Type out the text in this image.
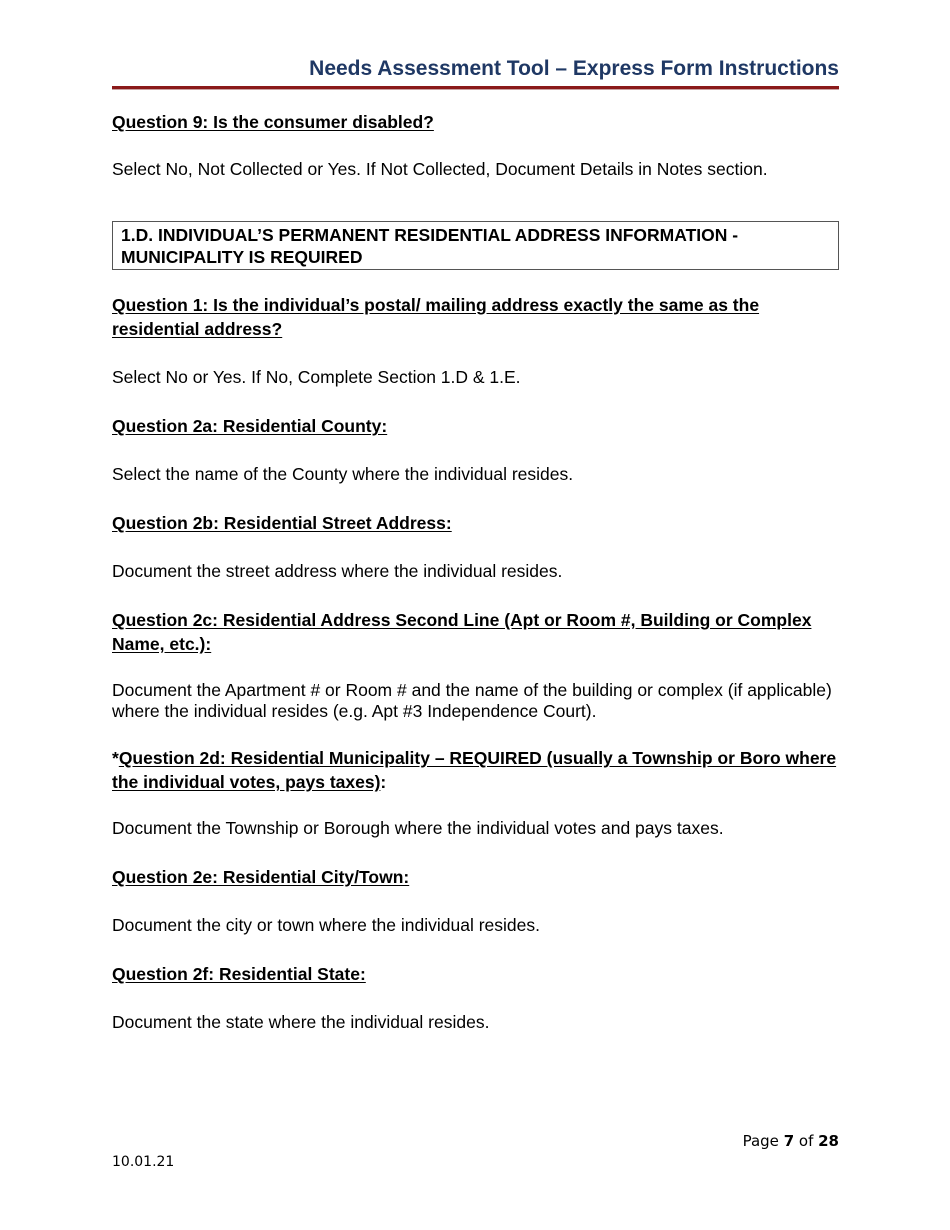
Needs Assessment Tool – Express Form Instructions

Question 9: Is the consumer disabled?

Select No, Not Collected or Yes. If Not Collected, Document Details in Notes section.

1.D. INDIVIDUAL’S PERMANENT RESIDENTIAL ADDRESS INFORMATION -
MUNICIPALITY IS REQUIRED

Question 1: Is the individual’s postal/ mailing address exactly the same as the residential address?

Select No or Yes. If No, Complete Section 1.D & 1.E.

Question 2a: Residential County:

Select the name of the County where the individual resides.

Question 2b: Residential Street Address:

Document the street address where the individual resides.

Question 2c: Residential Address Second Line (Apt or Room #, Building or Complex Name, etc.):

Document the Apartment # or Room # and the name of the building or complex (if applicable) where the individual resides (e.g. Apt #3 Independence Court).

*Question 2d: Residential Municipality – REQUIRED (usually a Township or Boro where the individual votes, pays taxes):

Document the Township or Borough where the individual votes and pays taxes.

Question 2e: Residential City/Town:

Document the city or town where the individual resides.

Question 2f: Residential State:

Document the state where the individual resides.

Page 7 of 28
10.01.21
